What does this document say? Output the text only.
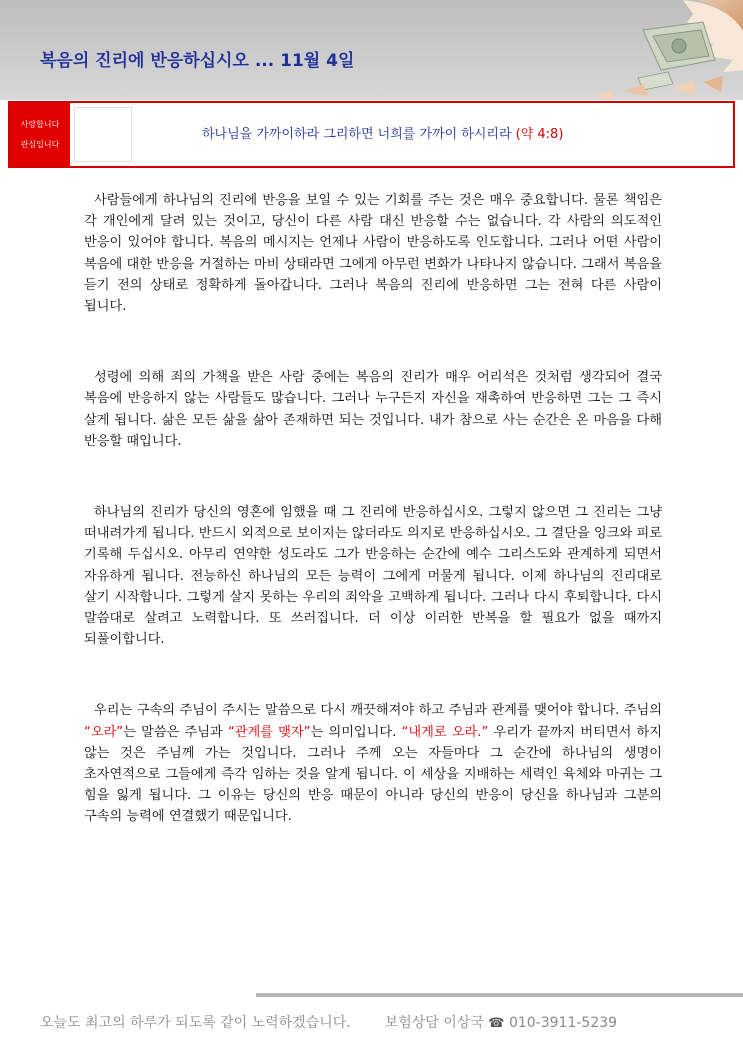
복음의 진리에 반응하십시오 ... 11월 4일
사랑합니다
관심입니다
하나님을 가까이하라 그리하면 너희를 가까이 하시리라 (약 4:8)

사람들에게 하나님의 진리에 반응을 보일 수 있는 기회를 주는 것은 매우 중요합니다. 물론 책임은 각 개인에게 달려 있는 것이고, 당신이 다른 사람 대신 반응할 수는 없습니다. 각 사람의 의도적인 반응이 있어야 합니다. 복음의 메시지는 언제나 사람이 반응하도록 인도합니다. 그러나 어떤 사람이 복음에 대한 반응을 거절하는 마비 상태라면 그에게 아무런 변화가 나타나지 않습니다. 그래서 복음을 듣기 전의 상태로 정확하게 돌아갑니다. 그러나 복음의 진리에 반응하면 그는 전혀 다른 사람이 됩니다.

성령에 의해 죄의 가책을 받은 사람 중에는 복음의 진리가 매우 어리석은 것처럼 생각되어 결국 복음에 반응하지 않는 사람들도 많습니다. 그러나 누구든지 자신을 재촉하여 반응하면 그는 그 즉시 살게 됩니다. 삶은 모든 삶을 삶아 존재하면 되는 것입니다. 내가 참으로 사는 순간은 온 마음을 다해 반응할 때입니다.

하나님의 진리가 당신의 영혼에 임했을 때 그 진리에 반응하십시오. 그렇지 않으면 그 진리는 그냥 떠내려가게 됩니다. 반드시 외적으로 보이지는 않더라도 의지로 반응하십시오. 그 결단을 잉크와 피로 기록해 두십시오. 아무리 연약한 성도라도 그가 반응하는 순간에 예수 그리스도와 관계하게 되면서 자유하게 됩니다. 전능하신 하나님의 모든 능력이 그에게 머물게 됩니다. 이제 하나님의 진리대로 살기 시작합니다. 그렇게 살지 못하는 우리의 죄악을 고백하게 됩니다. 그러나 다시 후퇴합니다. 다시 말씀대로 살려고 노력합니다. 또 쓰러집니다. 더 이상 이러한 반복을 할 필요가 없을 때까지 되풀이합니다.

우리는 구속의 주님이 주시는 말씀으로 다시 깨끗해져야 하고 주님과 관계를 맺어야 합니다. 주님의 “오라”는 말씀은 주님과 “관계를 맺자”는 의미입니다. “내게로 오라.” 우리가 끝까지 버티면서 하지 않는 것은 주님께 가는 것입니다. 그러나 주께 오는 자들마다 그 순간에 하나님의 생명이 초자연적으로 그들에게 즉각 임하는 것을 알게 됩니다. 이 세상을 지배하는 세력인 육체와 마귀는 그 힘을 잃게 됩니다. 그 이유는 당신의 반응 때문이 아니라 당신의 반응이 당신을 하나님과 그분의 구속의 능력에 연결했기 때문입니다.

오늘도 최고의 하루가 되도록 같이 노력하겠습니다. 보험상담 이상국 ☎ 010-3911-5239
